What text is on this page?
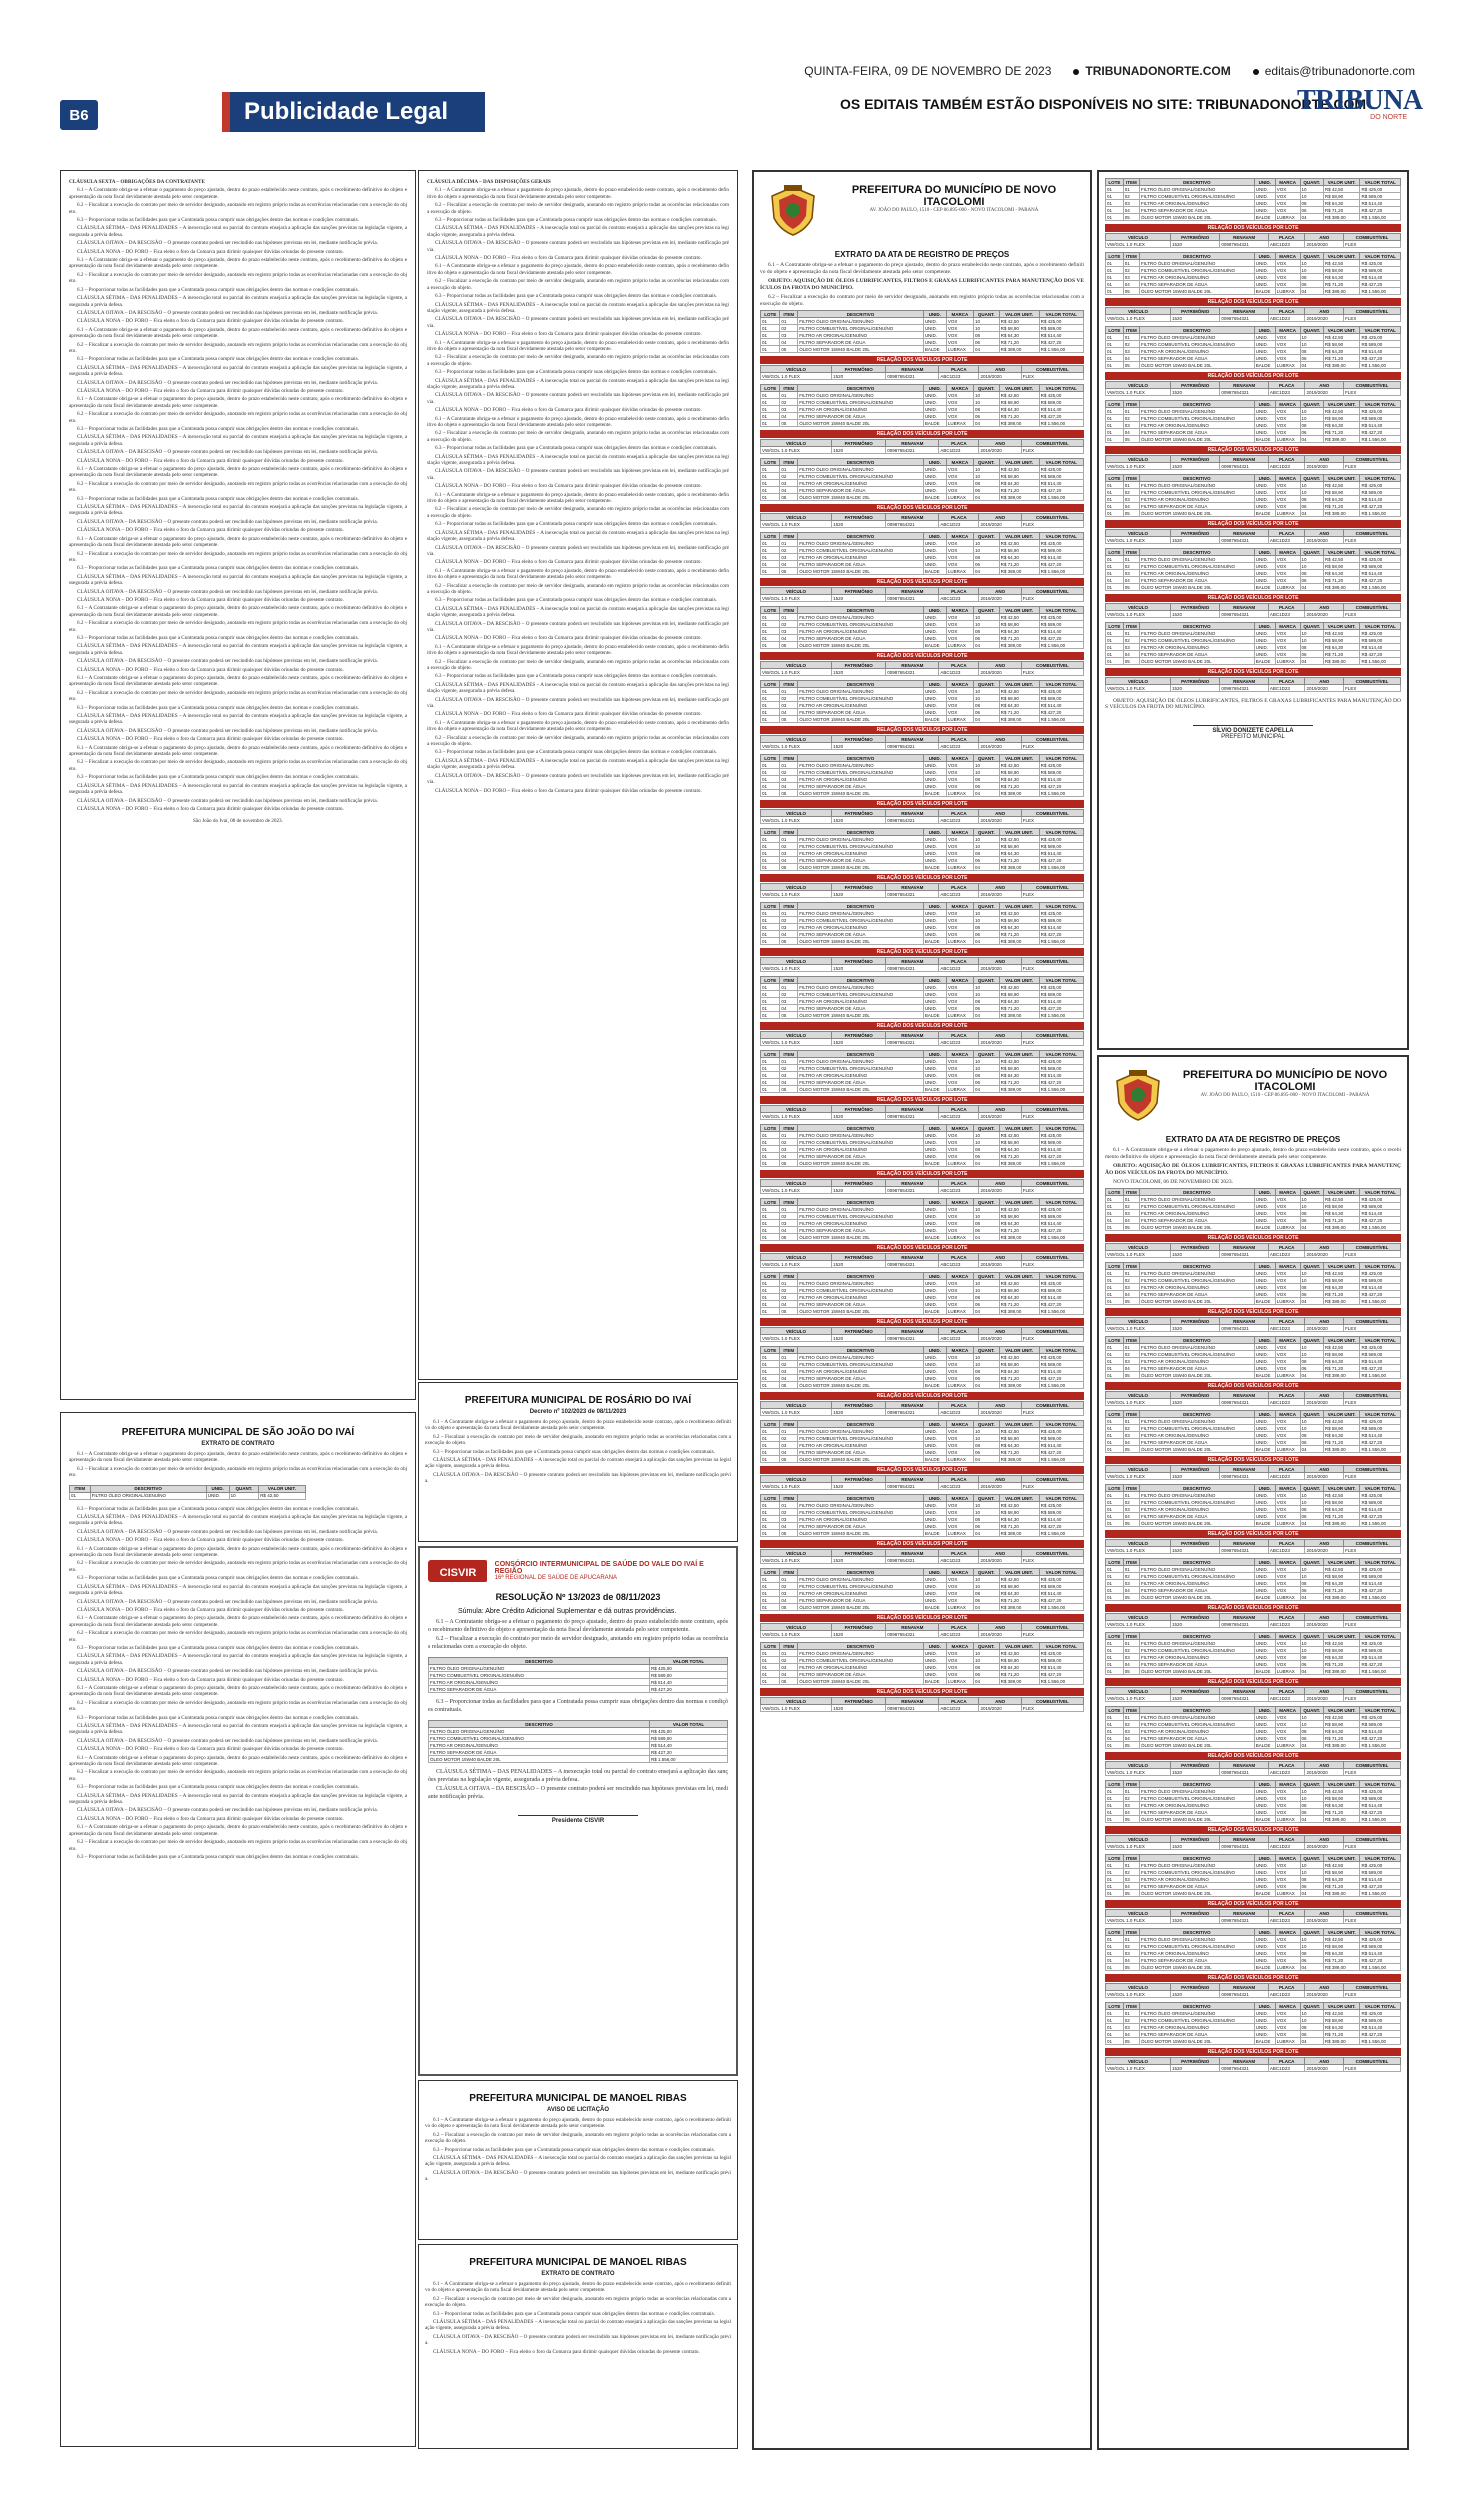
QUINTA-FEIRA, 09 DE NOVEMBRO DE 2023	TRIBUNADONORTE.COM	editais@tribunadonorte.com
B6	Publicidade Legal	OS EDITAIS TAMBÉM ESTÃO DISPONÍVEIS NO SITE: TRIBUNADONORTE.COM
TRIBUNA
DO NORTE

CLÁUSULA SEXTA – OBRIGAÇÕES DA CONTRATANTE

6.1 – A Contratante obriga-se a efetuar o pagamento do preço ajustado, dentro do prazo estabelecido neste contrato, após o recebimento definitivo do objeto e apresentação da nota fiscal devidamente atestada pelo setor competente.

6.2 – Fiscalizar a execução do contrato por meio de servidor designado, anotando em registro próprio todas as ocorrências relacionadas com a execução do objeto.

6.3 – Proporcionar todas as facilidades para que a Contratada possa cumprir suas obrigações dentro das normas e condições contratuais.

CLÁUSULA SÉTIMA – DAS PENALIDADES – A inexecução total ou parcial do contrato ensejará a aplicação das sanções previstas na legislação vigente, assegurada a prévia defesa.

CLÁUSULA OITAVA – DA RESCISÃO – O presente contrato poderá ser rescindido nas hipóteses previstas em lei, mediante notificação prévia.

CLÁUSULA NONA – DO FORO – Fica eleito o foro da Comarca para dirimir quaisquer dúvidas oriundas do presente contrato.

6.1 – A Contratante obriga-se a efetuar o pagamento do preço ajustado, dentro do prazo estabelecido neste contrato, após o recebimento definitivo do objeto e apresentação da nota fiscal devidamente atestada pelo setor competente.

6.2 – Fiscalizar a execução do contrato por meio de servidor designado, anotando em registro próprio todas as ocorrências relacionadas com a execução do objeto.

6.3 – Proporcionar todas as facilidades para que a Contratada possa cumprir suas obrigações dentro das normas e condições contratuais.

CLÁUSULA SÉTIMA – DAS PENALIDADES – A inexecução total ou parcial do contrato ensejará a aplicação das sanções previstas na legislação vigente, assegurada a prévia defesa.

CLÁUSULA OITAVA – DA RESCISÃO – O presente contrato poderá ser rescindido nas hipóteses previstas em lei, mediante notificação prévia.

CLÁUSULA NONA – DO FORO – Fica eleito o foro da Comarca para dirimir quaisquer dúvidas oriundas do presente contrato.

6.1 – A Contratante obriga-se a efetuar o pagamento do preço ajustado, dentro do prazo estabelecido neste contrato, após o recebimento definitivo do objeto e apresentação da nota fiscal devidamente atestada pelo setor competente.

6.2 – Fiscalizar a execução do contrato por meio de servidor designado, anotando em registro próprio todas as ocorrências relacionadas com a execução do objeto.

6.3 – Proporcionar todas as facilidades para que a Contratada possa cumprir suas obrigações dentro das normas e condições contratuais.

CLÁUSULA SÉTIMA – DAS PENALIDADES – A inexecução total ou parcial do contrato ensejará a aplicação das sanções previstas na legislação vigente, assegurada a prévia defesa.

CLÁUSULA OITAVA – DA RESCISÃO – O presente contrato poderá ser rescindido nas hipóteses previstas em lei, mediante notificação prévia.

CLÁUSULA NONA – DO FORO – Fica eleito o foro da Comarca para dirimir quaisquer dúvidas oriundas do presente contrato.

6.1 – A Contratante obriga-se a efetuar o pagamento do preço ajustado, dentro do prazo estabelecido neste contrato, após o recebimento definitivo do objeto e apresentação da nota fiscal devidamente atestada pelo setor competente.

6.2 – Fiscalizar a execução do contrato por meio de servidor designado, anotando em registro próprio todas as ocorrências relacionadas com a execução do objeto.

6.3 – Proporcionar todas as facilidades para que a Contratada possa cumprir suas obrigações dentro das normas e condições contratuais.

CLÁUSULA SÉTIMA – DAS PENALIDADES – A inexecução total ou parcial do contrato ensejará a aplicação das sanções previstas na legislação vigente, assegurada a prévia defesa.

CLÁUSULA OITAVA – DA RESCISÃO – O presente contrato poderá ser rescindido nas hipóteses previstas em lei, mediante notificação prévia.

CLÁUSULA NONA – DO FORO – Fica eleito o foro da Comarca para dirimir quaisquer dúvidas oriundas do presente contrato.

6.1 – A Contratante obriga-se a efetuar o pagamento do preço ajustado, dentro do prazo estabelecido neste contrato, após o recebimento definitivo do objeto e apresentação da nota fiscal devidamente atestada pelo setor competente.

6.2 – Fiscalizar a execução do contrato por meio de servidor designado, anotando em registro próprio todas as ocorrências relacionadas com a execução do objeto.

6.3 – Proporcionar todas as facilidades para que a Contratada possa cumprir suas obrigações dentro das normas e condições contratuais.

CLÁUSULA SÉTIMA – DAS PENALIDADES – A inexecução total ou parcial do contrato ensejará a aplicação das sanções previstas na legislação vigente, assegurada a prévia defesa.

CLÁUSULA OITAVA – DA RESCISÃO – O presente contrato poderá ser rescindido nas hipóteses previstas em lei, mediante notificação prévia.

CLÁUSULA NONA – DO FORO – Fica eleito o foro da Comarca para dirimir quaisquer dúvidas oriundas do presente contrato.

6.1 – A Contratante obriga-se a efetuar o pagamento do preço ajustado, dentro do prazo estabelecido neste contrato, após o recebimento definitivo do objeto e apresentação da nota fiscal devidamente atestada pelo setor competente.

6.2 – Fiscalizar a execução do contrato por meio de servidor designado, anotando em registro próprio todas as ocorrências relacionadas com a execução do objeto.

6.3 – Proporcionar todas as facilidades para que a Contratada possa cumprir suas obrigações dentro das normas e condições contratuais.

CLÁUSULA SÉTIMA – DAS PENALIDADES – A inexecução total ou parcial do contrato ensejará a aplicação das sanções previstas na legislação vigente, assegurada a prévia defesa.

CLÁUSULA OITAVA – DA RESCISÃO – O presente contrato poderá ser rescindido nas hipóteses previstas em lei, mediante notificação prévia.

CLÁUSULA NONA – DO FORO – Fica eleito o foro da Comarca para dirimir quaisquer dúvidas oriundas do presente contrato.

6.1 – A Contratante obriga-se a efetuar o pagamento do preço ajustado, dentro do prazo estabelecido neste contrato, após o recebimento definitivo do objeto e apresentação da nota fiscal devidamente atestada pelo setor competente.

6.2 – Fiscalizar a execução do contrato por meio de servidor designado, anotando em registro próprio todas as ocorrências relacionadas com a execução do objeto.

6.3 – Proporcionar todas as facilidades para que a Contratada possa cumprir suas obrigações dentro das normas e condições contratuais.

CLÁUSULA SÉTIMA – DAS PENALIDADES – A inexecução total ou parcial do contrato ensejará a aplicação das sanções previstas na legislação vigente, assegurada a prévia defesa.

CLÁUSULA OITAVA – DA RESCISÃO – O presente contrato poderá ser rescindido nas hipóteses previstas em lei, mediante notificação prévia.

CLÁUSULA NONA – DO FORO – Fica eleito o foro da Comarca para dirimir quaisquer dúvidas oriundas do presente contrato.

6.1 – A Contratante obriga-se a efetuar o pagamento do preço ajustado, dentro do prazo estabelecido neste contrato, após o recebimento definitivo do objeto e apresentação da nota fiscal devidamente atestada pelo setor competente.

6.2 – Fiscalizar a execução do contrato por meio de servidor designado, anotando em registro próprio todas as ocorrências relacionadas com a execução do objeto.

6.3 – Proporcionar todas as facilidades para que a Contratada possa cumprir suas obrigações dentro das normas e condições contratuais.

CLÁUSULA SÉTIMA – DAS PENALIDADES – A inexecução total ou parcial do contrato ensejará a aplicação das sanções previstas na legislação vigente, assegurada a prévia defesa.

CLÁUSULA OITAVA – DA RESCISÃO – O presente contrato poderá ser rescindido nas hipóteses previstas em lei, mediante notificação prévia.

CLÁUSULA NONA – DO FORO – Fica eleito o foro da Comarca para dirimir quaisquer dúvidas oriundas do presente contrato.

6.1 – A Contratante obriga-se a efetuar o pagamento do preço ajustado, dentro do prazo estabelecido neste contrato, após o recebimento definitivo do objeto e apresentação da nota fiscal devidamente atestada pelo setor competente.

6.2 – Fiscalizar a execução do contrato por meio de servidor designado, anotando em registro próprio todas as ocorrências relacionadas com a execução do objeto.

6.3 – Proporcionar todas as facilidades para que a Contratada possa cumprir suas obrigações dentro das normas e condições contratuais.

CLÁUSULA SÉTIMA – DAS PENALIDADES – A inexecução total ou parcial do contrato ensejará a aplicação das sanções previstas na legislação vigente, assegurada a prévia defesa.

CLÁUSULA OITAVA – DA RESCISÃO – O presente contrato poderá ser rescindido nas hipóteses previstas em lei, mediante notificação prévia.

CLÁUSULA NONA – DO FORO – Fica eleito o foro da Comarca para dirimir quaisquer dúvidas oriundas do presente contrato.

São João do Ivaí, 08 de novembro de 2023.

PREFEITURA MUNICIPAL DE SÃO JOÃO DO IVAÍ
EXTRATO DE CONTRATO

6.1 – A Contratante obriga-se a efetuar o pagamento do preço ajustado, dentro do prazo estabelecido neste contrato, após o recebimento definitivo do objeto e apresentação da nota fiscal devidamente atestada pelo setor competente.

6.2 – Fiscalizar a execução do contrato por meio de servidor designado, anotando em registro próprio todas as ocorrências relacionadas com a execução do objeto.

ITEM	DESCRITIVO	UNID.	QUANT.	VALOR UNIT.
01	FILTRO ÓLEO ORIGINAL/GENUÍNO	UNID.	10	R$ 42,50

6.3 – Proporcionar todas as facilidades para que a Contratada possa cumprir suas obrigações dentro das normas e condições contratuais.

CLÁUSULA SÉTIMA – DAS PENALIDADES – A inexecução total ou parcial do contrato ensejará a aplicação das sanções previstas na legislação vigente, assegurada a prévia defesa.

CLÁUSULA OITAVA – DA RESCISÃO – O presente contrato poderá ser rescindido nas hipóteses previstas em lei, mediante notificação prévia.

CLÁUSULA NONA – DO FORO – Fica eleito o foro da Comarca para dirimir quaisquer dúvidas oriundas do presente contrato.

6.1 – A Contratante obriga-se a efetuar o pagamento do preço ajustado, dentro do prazo estabelecido neste contrato, após o recebimento definitivo do objeto e apresentação da nota fiscal devidamente atestada pelo setor competente.

6.2 – Fiscalizar a execução do contrato por meio de servidor designado, anotando em registro próprio todas as ocorrências relacionadas com a execução do objeto.

6.3 – Proporcionar todas as facilidades para que a Contratada possa cumprir suas obrigações dentro das normas e condições contratuais.

CLÁUSULA SÉTIMA – DAS PENALIDADES – A inexecução total ou parcial do contrato ensejará a aplicação das sanções previstas na legislação vigente, assegurada a prévia defesa.

CLÁUSULA OITAVA – DA RESCISÃO – O presente contrato poderá ser rescindido nas hipóteses previstas em lei, mediante notificação prévia.

CLÁUSULA NONA – DO FORO – Fica eleito o foro da Comarca para dirimir quaisquer dúvidas oriundas do presente contrato.

6.1 – A Contratante obriga-se a efetuar o pagamento do preço ajustado, dentro do prazo estabelecido neste contrato, após o recebimento definitivo do objeto e apresentação da nota fiscal devidamente atestada pelo setor competente.

6.2 – Fiscalizar a execução do contrato por meio de servidor designado, anotando em registro próprio todas as ocorrências relacionadas com a execução do objeto.

6.3 – Proporcionar todas as facilidades para que a Contratada possa cumprir suas obrigações dentro das normas e condições contratuais.

CLÁUSULA SÉTIMA – DAS PENALIDADES – A inexecução total ou parcial do contrato ensejará a aplicação das sanções previstas na legislação vigente, assegurada a prévia defesa.

CLÁUSULA OITAVA – DA RESCISÃO – O presente contrato poderá ser rescindido nas hipóteses previstas em lei, mediante notificação prévia.

CLÁUSULA NONA – DO FORO – Fica eleito o foro da Comarca para dirimir quaisquer dúvidas oriundas do presente contrato.

6.1 – A Contratante obriga-se a efetuar o pagamento do preço ajustado, dentro do prazo estabelecido neste contrato, após o recebimento definitivo do objeto e apresentação da nota fiscal devidamente atestada pelo setor competente.

6.2 – Fiscalizar a execução do contrato por meio de servidor designado, anotando em registro próprio todas as ocorrências relacionadas com a execução do objeto.

6.3 – Proporcionar todas as facilidades para que a Contratada possa cumprir suas obrigações dentro das normas e condições contratuais.

CLÁUSULA SÉTIMA – DAS PENALIDADES – A inexecução total ou parcial do contrato ensejará a aplicação das sanções previstas na legislação vigente, assegurada a prévia defesa.

CLÁUSULA OITAVA – DA RESCISÃO – O presente contrato poderá ser rescindido nas hipóteses previstas em lei, mediante notificação prévia.

CLÁUSULA NONA – DO FORO – Fica eleito o foro da Comarca para dirimir quaisquer dúvidas oriundas do presente contrato.

6.1 – A Contratante obriga-se a efetuar o pagamento do preço ajustado, dentro do prazo estabelecido neste contrato, após o recebimento definitivo do objeto e apresentação da nota fiscal devidamente atestada pelo setor competente.

6.2 – Fiscalizar a execução do contrato por meio de servidor designado, anotando em registro próprio todas as ocorrências relacionadas com a execução do objeto.

6.3 – Proporcionar todas as facilidades para que a Contratada possa cumprir suas obrigações dentro das normas e condições contratuais.

CLÁUSULA SÉTIMA – DAS PENALIDADES – A inexecução total ou parcial do contrato ensejará a aplicação das sanções previstas na legislação vigente, assegurada a prévia defesa.

CLÁUSULA OITAVA – DA RESCISÃO – O presente contrato poderá ser rescindido nas hipóteses previstas em lei, mediante notificação prévia.

CLÁUSULA NONA – DO FORO – Fica eleito o foro da Comarca para dirimir quaisquer dúvidas oriundas do presente contrato.

6.1 – A Contratante obriga-se a efetuar o pagamento do preço ajustado, dentro do prazo estabelecido neste contrato, após o recebimento definitivo do objeto e apresentação da nota fiscal devidamente atestada pelo setor competente.

6.2 – Fiscalizar a execução do contrato por meio de servidor designado, anotando em registro próprio todas as ocorrências relacionadas com a execução do objeto.

6.3 – Proporcionar todas as facilidades para que a Contratada possa cumprir suas obrigações dentro das normas e condições contratuais.

CLÁUSULA DÉCIMA – DAS DISPOSIÇÕES GERAIS

6.1 – A Contratante obriga-se a efetuar o pagamento do preço ajustado, dentro do prazo estabelecido neste contrato, após o recebimento definitivo do objeto e apresentação da nota fiscal devidamente atestada pelo setor competente.

6.2 – Fiscalizar a execução do contrato por meio de servidor designado, anotando em registro próprio todas as ocorrências relacionadas com a execução do objeto.

6.3 – Proporcionar todas as facilidades para que a Contratada possa cumprir suas obrigações dentro das normas e condições contratuais.

CLÁUSULA SÉTIMA – DAS PENALIDADES – A inexecução total ou parcial do contrato ensejará a aplicação das sanções previstas na legislação vigente, assegurada a prévia defesa.

CLÁUSULA OITAVA – DA RESCISÃO – O presente contrato poderá ser rescindido nas hipóteses previstas em lei, mediante notificação prévia.

CLÁUSULA NONA – DO FORO – Fica eleito o foro da Comarca para dirimir quaisquer dúvidas oriundas do presente contrato.

6.1 – A Contratante obriga-se a efetuar o pagamento do preço ajustado, dentro do prazo estabelecido neste contrato, após o recebimento definitivo do objeto e apresentação da nota fiscal devidamente atestada pelo setor competente.

6.2 – Fiscalizar a execução do contrato por meio de servidor designado, anotando em registro próprio todas as ocorrências relacionadas com a execução do objeto.

6.3 – Proporcionar todas as facilidades para que a Contratada possa cumprir suas obrigações dentro das normas e condições contratuais.

CLÁUSULA SÉTIMA – DAS PENALIDADES – A inexecução total ou parcial do contrato ensejará a aplicação das sanções previstas na legislação vigente, assegurada a prévia defesa.

CLÁUSULA OITAVA – DA RESCISÃO – O presente contrato poderá ser rescindido nas hipóteses previstas em lei, mediante notificação prévia.

CLÁUSULA NONA – DO FORO – Fica eleito o foro da Comarca para dirimir quaisquer dúvidas oriundas do presente contrato.

6.1 – A Contratante obriga-se a efetuar o pagamento do preço ajustado, dentro do prazo estabelecido neste contrato, após o recebimento definitivo do objeto e apresentação da nota fiscal devidamente atestada pelo setor competente.

6.2 – Fiscalizar a execução do contrato por meio de servidor designado, anotando em registro próprio todas as ocorrências relacionadas com a execução do objeto.

6.3 – Proporcionar todas as facilidades para que a Contratada possa cumprir suas obrigações dentro das normas e condições contratuais.

CLÁUSULA SÉTIMA – DAS PENALIDADES – A inexecução total ou parcial do contrato ensejará a aplicação das sanções previstas na legislação vigente, assegurada a prévia defesa.

CLÁUSULA OITAVA – DA RESCISÃO – O presente contrato poderá ser rescindido nas hipóteses previstas em lei, mediante notificação prévia.

CLÁUSULA NONA – DO FORO – Fica eleito o foro da Comarca para dirimir quaisquer dúvidas oriundas do presente contrato.

6.1 – A Contratante obriga-se a efetuar o pagamento do preço ajustado, dentro do prazo estabelecido neste contrato, após o recebimento definitivo do objeto e apresentação da nota fiscal devidamente atestada pelo setor competente.

6.2 – Fiscalizar a execução do contrato por meio de servidor designado, anotando em registro próprio todas as ocorrências relacionadas com a execução do objeto.

6.3 – Proporcionar todas as facilidades para que a Contratada possa cumprir suas obrigações dentro das normas e condições contratuais.

CLÁUSULA SÉTIMA – DAS PENALIDADES – A inexecução total ou parcial do contrato ensejará a aplicação das sanções previstas na legislação vigente, assegurada a prévia defesa.

CLÁUSULA OITAVA – DA RESCISÃO – O presente contrato poderá ser rescindido nas hipóteses previstas em lei, mediante notificação prévia.

CLÁUSULA NONA – DO FORO – Fica eleito o foro da Comarca para dirimir quaisquer dúvidas oriundas do presente contrato.

6.1 – A Contratante obriga-se a efetuar o pagamento do preço ajustado, dentro do prazo estabelecido neste contrato, após o recebimento definitivo do objeto e apresentação da nota fiscal devidamente atestada pelo setor competente.

6.2 – Fiscalizar a execução do contrato por meio de servidor designado, anotando em registro próprio todas as ocorrências relacionadas com a execução do objeto.

6.3 – Proporcionar todas as facilidades para que a Contratada possa cumprir suas obrigações dentro das normas e condições contratuais.

CLÁUSULA SÉTIMA – DAS PENALIDADES – A inexecução total ou parcial do contrato ensejará a aplicação das sanções previstas na legislação vigente, assegurada a prévia defesa.

CLÁUSULA OITAVA – DA RESCISÃO – O presente contrato poderá ser rescindido nas hipóteses previstas em lei, mediante notificação prévia.

CLÁUSULA NONA – DO FORO – Fica eleito o foro da Comarca para dirimir quaisquer dúvidas oriundas do presente contrato.

6.1 – A Contratante obriga-se a efetuar o pagamento do preço ajustado, dentro do prazo estabelecido neste contrato, após o recebimento definitivo do objeto e apresentação da nota fiscal devidamente atestada pelo setor competente.

6.2 – Fiscalizar a execução do contrato por meio de servidor designado, anotando em registro próprio todas as ocorrências relacionadas com a execução do objeto.

6.3 – Proporcionar todas as facilidades para que a Contratada possa cumprir suas obrigações dentro das normas e condições contratuais.

CLÁUSULA SÉTIMA – DAS PENALIDADES – A inexecução total ou parcial do contrato ensejará a aplicação das sanções previstas na legislação vigente, assegurada a prévia defesa.

CLÁUSULA OITAVA – DA RESCISÃO – O presente contrato poderá ser rescindido nas hipóteses previstas em lei, mediante notificação prévia.

CLÁUSULA NONA – DO FORO – Fica eleito o foro da Comarca para dirimir quaisquer dúvidas oriundas do presente contrato.

6.1 – A Contratante obriga-se a efetuar o pagamento do preço ajustado, dentro do prazo estabelecido neste contrato, após o recebimento definitivo do objeto e apresentação da nota fiscal devidamente atestada pelo setor competente.

6.2 – Fiscalizar a execução do contrato por meio de servidor designado, anotando em registro próprio todas as ocorrências relacionadas com a execução do objeto.

6.3 – Proporcionar todas as facilidades para que a Contratada possa cumprir suas obrigações dentro das normas e condições contratuais.

CLÁUSULA SÉTIMA – DAS PENALIDADES – A inexecução total ou parcial do contrato ensejará a aplicação das sanções previstas na legislação vigente, assegurada a prévia defesa.

CLÁUSULA OITAVA – DA RESCISÃO – O presente contrato poderá ser rescindido nas hipóteses previstas em lei, mediante notificação prévia.

CLÁUSULA NONA – DO FORO – Fica eleito o foro da Comarca para dirimir quaisquer dúvidas oriundas do presente contrato.

6.1 – A Contratante obriga-se a efetuar o pagamento do preço ajustado, dentro do prazo estabelecido neste contrato, após o recebimento definitivo do objeto e apresentação da nota fiscal devidamente atestada pelo setor competente.

6.2 – Fiscalizar a execução do contrato por meio de servidor designado, anotando em registro próprio todas as ocorrências relacionadas com a execução do objeto.

6.3 – Proporcionar todas as facilidades para que a Contratada possa cumprir suas obrigações dentro das normas e condições contratuais.

CLÁUSULA SÉTIMA – DAS PENALIDADES – A inexecução total ou parcial do contrato ensejará a aplicação das sanções previstas na legislação vigente, assegurada a prévia defesa.

CLÁUSULA OITAVA – DA RESCISÃO – O presente contrato poderá ser rescindido nas hipóteses previstas em lei, mediante notificação prévia.

CLÁUSULA NONA – DO FORO – Fica eleito o foro da Comarca para dirimir quaisquer dúvidas oriundas do presente contrato.

PREFEITURA MUNICIPAL DE ROSÁRIO DO IVAÍ
Decreto nº 102/2023 de 08/11/2023

6.1 – A Contratante obriga-se a efetuar o pagamento do preço ajustado, dentro do prazo estabelecido neste contrato, após o recebimento definitivo do objeto e apresentação da nota fiscal devidamente atestada pelo setor competente.

6.2 – Fiscalizar a execução do contrato por meio de servidor designado, anotando em registro próprio todas as ocorrências relacionadas com a execução do objeto.

6.3 – Proporcionar todas as facilidades para que a Contratada possa cumprir suas obrigações dentro das normas e condições contratuais.

CLÁUSULA SÉTIMA – DAS PENALIDADES – A inexecução total ou parcial do contrato ensejará a aplicação das sanções previstas na legislação vigente, assegurada a prévia defesa.

CLÁUSULA OITAVA – DA RESCISÃO – O presente contrato poderá ser rescindido nas hipóteses previstas em lei, mediante notificação prévia.

CISVIR
CONSÓRCIO INTERMUNICIPAL DE SAÚDE DO VALE DO IVAÍ E REGIÃO
16ª REGIONAL DE SAÚDE DE APUCARANA
RESOLUÇÃO Nº 13/2023 de 08/11/2023
Súmula: Abre Crédito Adicional Suplementar e dá outras providências.

6.1 – A Contratante obriga-se a efetuar o pagamento do preço ajustado, dentro do prazo estabelecido neste contrato, após o recebimento definitivo do objeto e apresentação da nota fiscal devidamente atestada pelo setor competente.

6.2 – Fiscalizar a execução do contrato por meio de servidor designado, anotando em registro próprio todas as ocorrências relacionadas com a execução do objeto.

DESCRITIVO	VALOR TOTAL
FILTRO ÓLEO ORIGINAL/GENUÍNO	R$ 425,00
FILTRO COMBUSTÍVEL ORIGINAL/GENUÍNO	R$ 589,00
FILTRO AR ORIGINAL/GENUÍNO	R$ 514,40
FILTRO SEPARADOR DE ÁGUA	R$ 427,20

6.3 – Proporcionar todas as facilidades para que a Contratada possa cumprir suas obrigações dentro das normas e condições contratuais.

DESCRITIVO	VALOR TOTAL
FILTRO ÓLEO ORIGINAL/GENUÍNO	R$ 425,00
FILTRO COMBUSTÍVEL ORIGINAL/GENUÍNO	R$ 589,00
FILTRO AR ORIGINAL/GENUÍNO	R$ 514,40
FILTRO SEPARADOR DE ÁGUA	R$ 427,20
ÓLEO MOTOR 15W40 BALDE 20L	R$ 1.556,00

CLÁUSULA SÉTIMA – DAS PENALIDADES – A inexecução total ou parcial do contrato ensejará a aplicação das sanções previstas na legislação vigente, assegurada a prévia defesa.

CLÁUSULA OITAVA – DA RESCISÃO – O presente contrato poderá ser rescindido nas hipóteses previstas em lei, mediante notificação prévia.

Presidente CISVIR
PREFEITURA MUNICIPAL DE MANOEL RIBAS
AVISO DE LICITAÇÃO

6.1 – A Contratante obriga-se a efetuar o pagamento do preço ajustado, dentro do prazo estabelecido neste contrato, após o recebimento definitivo do objeto e apresentação da nota fiscal devidamente atestada pelo setor competente.

6.2 – Fiscalizar a execução do contrato por meio de servidor designado, anotando em registro próprio todas as ocorrências relacionadas com a execução do objeto.

6.3 – Proporcionar todas as facilidades para que a Contratada possa cumprir suas obrigações dentro das normas e condições contratuais.

CLÁUSULA SÉTIMA – DAS PENALIDADES – A inexecução total ou parcial do contrato ensejará a aplicação das sanções previstas na legislação vigente, assegurada a prévia defesa.

CLÁUSULA OITAVA – DA RESCISÃO – O presente contrato poderá ser rescindido nas hipóteses previstas em lei, mediante notificação prévia.

PREFEITURA MUNICIPAL DE MANOEL RIBAS
EXTRATO DE CONTRATO

6.1 – A Contratante obriga-se a efetuar o pagamento do preço ajustado, dentro do prazo estabelecido neste contrato, após o recebimento definitivo do objeto e apresentação da nota fiscal devidamente atestada pelo setor competente.

6.2 – Fiscalizar a execução do contrato por meio de servidor designado, anotando em registro próprio todas as ocorrências relacionadas com a execução do objeto.

6.3 – Proporcionar todas as facilidades para que a Contratada possa cumprir suas obrigações dentro das normas e condições contratuais.

CLÁUSULA SÉTIMA – DAS PENALIDADES – A inexecução total ou parcial do contrato ensejará a aplicação das sanções previstas na legislação vigente, assegurada a prévia defesa.

CLÁUSULA OITAVA – DA RESCISÃO – O presente contrato poderá ser rescindido nas hipóteses previstas em lei, mediante notificação prévia.

CLÁUSULA NONA – DO FORO – Fica eleito o foro da Comarca para dirimir quaisquer dúvidas oriundas do presente contrato.

PREFEITURA DO MUNICÍPIO DE NOVO ITACOLOMI
AV. JOÃO DO PAULO, 1510 - CEP 86.895-000 - NOVO ITACOLOMI - PARANÁ
EXTRATO DA ATA DE REGISTRO DE PREÇOS

6.1 – A Contratante obriga-se a efetuar o pagamento do preço ajustado, dentro do prazo estabelecido neste contrato, após o recebimento definitivo do objeto e apresentação da nota fiscal devidamente atestada pelo setor competente.

OBJETO: AQUISIÇÃO DE ÓLEOS LUBRIFICANTES, FILTROS E GRAXAS LUBRIFICANTES PARA MANUTENÇÃO DOS VEÍCULOS DA FROTA DO MUNICÍPIO.

6.2 – Fiscalizar a execução do contrato por meio de servidor designado, anotando em registro próprio todas as ocorrências relacionadas com a execução do objeto.

LOTE	ITEM	DESCRITIVO	UNID.	MARCA	QUANT.	VALOR UNIT.	VALOR TOTAL
01	01	FILTRO ÓLEO ORIGINAL/GENUÍNO	UNID.	VOX	10	R$ 42,50	R$ 425,00
01	02	FILTRO COMBUSTÍVEL ORIGINAL/GENUÍNO	UNID.	VOX	10	R$ 58,90	R$ 589,00
01	03	FILTRO AR ORIGINAL/GENUÍNO	UNID.	VOX	08	R$ 64,30	R$ 514,40
01	04	FILTRO SEPARADOR DE ÁGUA	UNID.	VOX	06	R$ 71,20	R$ 427,20
01	05	ÓLEO MOTOR 15W40 BALDE 20L	BALDE	LUBRAX	04	R$ 389,00	R$ 1.556,00
RELAÇÃO DOS VEÍCULOS POR LOTE
VEÍCULO	PATRIMÔNIO	RENAVAM	PLACA	ANO	COMBUSTÍVEL
VW/GOL 1.0 FLEX	1520	00987654321	ABC1D23	2019/2020	FLEX
LOTE	ITEM	DESCRITIVO	UNID.	MARCA	QUANT.	VALOR UNIT.	VALOR TOTAL
01	01	FILTRO ÓLEO ORIGINAL/GENUÍNO	UNID.	VOX	10	R$ 42,50	R$ 425,00
01	02	FILTRO COMBUSTÍVEL ORIGINAL/GENUÍNO	UNID.	VOX	10	R$ 58,90	R$ 589,00
01	03	FILTRO AR ORIGINAL/GENUÍNO	UNID.	VOX	08	R$ 64,30	R$ 514,40
01	04	FILTRO SEPARADOR DE ÁGUA	UNID.	VOX	06	R$ 71,20	R$ 427,20
01	05	ÓLEO MOTOR 15W40 BALDE 20L	BALDE	LUBRAX	04	R$ 389,00	R$ 1.556,00
RELAÇÃO DOS VEÍCULOS POR LOTE
VEÍCULO	PATRIMÔNIO	RENAVAM	PLACA	ANO	COMBUSTÍVEL
VW/GOL 1.0 FLEX	1520	00987654321	ABC1D23	2019/2020	FLEX
LOTE	ITEM	DESCRITIVO	UNID.	MARCA	QUANT.	VALOR UNIT.	VALOR TOTAL
01	01	FILTRO ÓLEO ORIGINAL/GENUÍNO	UNID.	VOX	10	R$ 42,50	R$ 425,00
01	02	FILTRO COMBUSTÍVEL ORIGINAL/GENUÍNO	UNID.	VOX	10	R$ 58,90	R$ 589,00
01	03	FILTRO AR ORIGINAL/GENUÍNO	UNID.	VOX	08	R$ 64,30	R$ 514,40
01	04	FILTRO SEPARADOR DE ÁGUA	UNID.	VOX	06	R$ 71,20	R$ 427,20
01	05	ÓLEO MOTOR 15W40 BALDE 20L	BALDE	LUBRAX	04	R$ 389,00	R$ 1.556,00
RELAÇÃO DOS VEÍCULOS POR LOTE
VEÍCULO	PATRIMÔNIO	RENAVAM	PLACA	ANO	COMBUSTÍVEL
VW/GOL 1.0 FLEX	1520	00987654321	ABC1D23	2019/2020	FLEX
LOTE	ITEM	DESCRITIVO	UNID.	MARCA	QUANT.	VALOR UNIT.	VALOR TOTAL
01	01	FILTRO ÓLEO ORIGINAL/GENUÍNO	UNID.	VOX	10	R$ 42,50	R$ 425,00
01	02	FILTRO COMBUSTÍVEL ORIGINAL/GENUÍNO	UNID.	VOX	10	R$ 58,90	R$ 589,00
01	03	FILTRO AR ORIGINAL/GENUÍNO	UNID.	VOX	08	R$ 64,30	R$ 514,40
01	04	FILTRO SEPARADOR DE ÁGUA	UNID.	VOX	06	R$ 71,20	R$ 427,20
01	05	ÓLEO MOTOR 15W40 BALDE 20L	BALDE	LUBRAX	04	R$ 389,00	R$ 1.556,00
RELAÇÃO DOS VEÍCULOS POR LOTE
VEÍCULO	PATRIMÔNIO	RENAVAM	PLACA	ANO	COMBUSTÍVEL
VW/GOL 1.0 FLEX	1520	00987654321	ABC1D23	2019/2020	FLEX
LOTE	ITEM	DESCRITIVO	UNID.	MARCA	QUANT.	VALOR UNIT.	VALOR TOTAL
01	01	FILTRO ÓLEO ORIGINAL/GENUÍNO	UNID.	VOX	10	R$ 42,50	R$ 425,00
01	02	FILTRO COMBUSTÍVEL ORIGINAL/GENUÍNO	UNID.	VOX	10	R$ 58,90	R$ 589,00
01	03	FILTRO AR ORIGINAL/GENUÍNO	UNID.	VOX	08	R$ 64,30	R$ 514,40
01	04	FILTRO SEPARADOR DE ÁGUA	UNID.	VOX	06	R$ 71,20	R$ 427,20
01	05	ÓLEO MOTOR 15W40 BALDE 20L	BALDE	LUBRAX	04	R$ 389,00	R$ 1.556,00
RELAÇÃO DOS VEÍCULOS POR LOTE
VEÍCULO	PATRIMÔNIO	RENAVAM	PLACA	ANO	COMBUSTÍVEL
VW/GOL 1.0 FLEX	1520	00987654321	ABC1D23	2019/2020	FLEX
LOTE	ITEM	DESCRITIVO	UNID.	MARCA	QUANT.	VALOR UNIT.	VALOR TOTAL
01	01	FILTRO ÓLEO ORIGINAL/GENUÍNO	UNID.	VOX	10	R$ 42,50	R$ 425,00
01	02	FILTRO COMBUSTÍVEL ORIGINAL/GENUÍNO	UNID.	VOX	10	R$ 58,90	R$ 589,00
01	03	FILTRO AR ORIGINAL/GENUÍNO	UNID.	VOX	08	R$ 64,30	R$ 514,40
01	04	FILTRO SEPARADOR DE ÁGUA	UNID.	VOX	06	R$ 71,20	R$ 427,20
01	05	ÓLEO MOTOR 15W40 BALDE 20L	BALDE	LUBRAX	04	R$ 389,00	R$ 1.556,00
RELAÇÃO DOS VEÍCULOS POR LOTE
VEÍCULO	PATRIMÔNIO	RENAVAM	PLACA	ANO	COMBUSTÍVEL
VW/GOL 1.0 FLEX	1520	00987654321	ABC1D23	2019/2020	FLEX
LOTE	ITEM	DESCRITIVO	UNID.	MARCA	QUANT.	VALOR UNIT.	VALOR TOTAL
01	01	FILTRO ÓLEO ORIGINAL/GENUÍNO	UNID.	VOX	10	R$ 42,50	R$ 425,00
01	02	FILTRO COMBUSTÍVEL ORIGINAL/GENUÍNO	UNID.	VOX	10	R$ 58,90	R$ 589,00
01	03	FILTRO AR ORIGINAL/GENUÍNO	UNID.	VOX	08	R$ 64,30	R$ 514,40
01	04	FILTRO SEPARADOR DE ÁGUA	UNID.	VOX	06	R$ 71,20	R$ 427,20
01	05	ÓLEO MOTOR 15W40 BALDE 20L	BALDE	LUBRAX	04	R$ 389,00	R$ 1.556,00
RELAÇÃO DOS VEÍCULOS POR LOTE
VEÍCULO	PATRIMÔNIO	RENAVAM	PLACA	ANO	COMBUSTÍVEL
VW/GOL 1.0 FLEX	1520	00987654321	ABC1D23	2019/2020	FLEX
LOTE	ITEM	DESCRITIVO	UNID.	MARCA	QUANT.	VALOR UNIT.	VALOR TOTAL
01	01	FILTRO ÓLEO ORIGINAL/GENUÍNO	UNID.	VOX	10	R$ 42,50	R$ 425,00
01	02	FILTRO COMBUSTÍVEL ORIGINAL/GENUÍNO	UNID.	VOX	10	R$ 58,90	R$ 589,00
01	03	FILTRO AR ORIGINAL/GENUÍNO	UNID.	VOX	08	R$ 64,30	R$ 514,40
01	04	FILTRO SEPARADOR DE ÁGUA	UNID.	VOX	06	R$ 71,20	R$ 427,20
01	05	ÓLEO MOTOR 15W40 BALDE 20L	BALDE	LUBRAX	04	R$ 389,00	R$ 1.556,00
RELAÇÃO DOS VEÍCULOS POR LOTE
VEÍCULO	PATRIMÔNIO	RENAVAM	PLACA	ANO	COMBUSTÍVEL
VW/GOL 1.0 FLEX	1520	00987654321	ABC1D23	2019/2020	FLEX
LOTE	ITEM	DESCRITIVO	UNID.	MARCA	QUANT.	VALOR UNIT.	VALOR TOTAL
01	01	FILTRO ÓLEO ORIGINAL/GENUÍNO	UNID.	VOX	10	R$ 42,50	R$ 425,00
01	02	FILTRO COMBUSTÍVEL ORIGINAL/GENUÍNO	UNID.	VOX	10	R$ 58,90	R$ 589,00
01	03	FILTRO AR ORIGINAL/GENUÍNO	UNID.	VOX	08	R$ 64,30	R$ 514,40
01	04	FILTRO SEPARADOR DE ÁGUA	UNID.	VOX	06	R$ 71,20	R$ 427,20
01	05	ÓLEO MOTOR 15W40 BALDE 20L	BALDE	LUBRAX	04	R$ 389,00	R$ 1.556,00
RELAÇÃO DOS VEÍCULOS POR LOTE
VEÍCULO	PATRIMÔNIO	RENAVAM	PLACA	ANO	COMBUSTÍVEL
VW/GOL 1.0 FLEX	1520	00987654321	ABC1D23	2019/2020	FLEX
LOTE	ITEM	DESCRITIVO	UNID.	MARCA	QUANT.	VALOR UNIT.	VALOR TOTAL
01	01	FILTRO ÓLEO ORIGINAL/GENUÍNO	UNID.	VOX	10	R$ 42,50	R$ 425,00
01	02	FILTRO COMBUSTÍVEL ORIGINAL/GENUÍNO	UNID.	VOX	10	R$ 58,90	R$ 589,00
01	03	FILTRO AR ORIGINAL/GENUÍNO	UNID.	VOX	08	R$ 64,30	R$ 514,40
01	04	FILTRO SEPARADOR DE ÁGUA	UNID.	VOX	06	R$ 71,20	R$ 427,20
01	05	ÓLEO MOTOR 15W40 BALDE 20L	BALDE	LUBRAX	04	R$ 389,00	R$ 1.556,00
RELAÇÃO DOS VEÍCULOS POR LOTE
VEÍCULO	PATRIMÔNIO	RENAVAM	PLACA	ANO	COMBUSTÍVEL
VW/GOL 1.0 FLEX	1520	00987654321	ABC1D23	2019/2020	FLEX
LOTE	ITEM	DESCRITIVO	UNID.	MARCA	QUANT.	VALOR UNIT.	VALOR TOTAL
01	01	FILTRO ÓLEO ORIGINAL/GENUÍNO	UNID.	VOX	10	R$ 42,50	R$ 425,00
01	02	FILTRO COMBUSTÍVEL ORIGINAL/GENUÍNO	UNID.	VOX	10	R$ 58,90	R$ 589,00
01	03	FILTRO AR ORIGINAL/GENUÍNO	UNID.	VOX	08	R$ 64,30	R$ 514,40
01	04	FILTRO SEPARADOR DE ÁGUA	UNID.	VOX	06	R$ 71,20	R$ 427,20
01	05	ÓLEO MOTOR 15W40 BALDE 20L	BALDE	LUBRAX	04	R$ 389,00	R$ 1.556,00
RELAÇÃO DOS VEÍCULOS POR LOTE
VEÍCULO	PATRIMÔNIO	RENAVAM	PLACA	ANO	COMBUSTÍVEL
VW/GOL 1.0 FLEX	1520	00987654321	ABC1D23	2019/2020	FLEX
LOTE	ITEM	DESCRITIVO	UNID.	MARCA	QUANT.	VALOR UNIT.	VALOR TOTAL
01	01	FILTRO ÓLEO ORIGINAL/GENUÍNO	UNID.	VOX	10	R$ 42,50	R$ 425,00
01	02	FILTRO COMBUSTÍVEL ORIGINAL/GENUÍNO	UNID.	VOX	10	R$ 58,90	R$ 589,00
01	03	FILTRO AR ORIGINAL/GENUÍNO	UNID.	VOX	08	R$ 64,30	R$ 514,40
01	04	FILTRO SEPARADOR DE ÁGUA	UNID.	VOX	06	R$ 71,20	R$ 427,20
01	05	ÓLEO MOTOR 15W40 BALDE 20L	BALDE	LUBRAX	04	R$ 389,00	R$ 1.556,00
RELAÇÃO DOS VEÍCULOS POR LOTE
VEÍCULO	PATRIMÔNIO	RENAVAM	PLACA	ANO	COMBUSTÍVEL
VW/GOL 1.0 FLEX	1520	00987654321	ABC1D23	2019/2020	FLEX
LOTE	ITEM	DESCRITIVO	UNID.	MARCA	QUANT.	VALOR UNIT.	VALOR TOTAL
01	01	FILTRO ÓLEO ORIGINAL/GENUÍNO	UNID.	VOX	10	R$ 42,50	R$ 425,00
01	02	FILTRO COMBUSTÍVEL ORIGINAL/GENUÍNO	UNID.	VOX	10	R$ 58,90	R$ 589,00
01	03	FILTRO AR ORIGINAL/GENUÍNO	UNID.	VOX	08	R$ 64,30	R$ 514,40
01	04	FILTRO SEPARADOR DE ÁGUA	UNID.	VOX	06	R$ 71,20	R$ 427,20
01	05	ÓLEO MOTOR 15W40 BALDE 20L	BALDE	LUBRAX	04	R$ 389,00	R$ 1.556,00
RELAÇÃO DOS VEÍCULOS POR LOTE
VEÍCULO	PATRIMÔNIO	RENAVAM	PLACA	ANO	COMBUSTÍVEL
VW/GOL 1.0 FLEX	1520	00987654321	ABC1D23	2019/2020	FLEX
LOTE	ITEM	DESCRITIVO	UNID.	MARCA	QUANT.	VALOR UNIT.	VALOR TOTAL
01	01	FILTRO ÓLEO ORIGINAL/GENUÍNO	UNID.	VOX	10	R$ 42,50	R$ 425,00
01	02	FILTRO COMBUSTÍVEL ORIGINAL/GENUÍNO	UNID.	VOX	10	R$ 58,90	R$ 589,00
01	03	FILTRO AR ORIGINAL/GENUÍNO	UNID.	VOX	08	R$ 64,30	R$ 514,40
01	04	FILTRO SEPARADOR DE ÁGUA	UNID.	VOX	06	R$ 71,20	R$ 427,20
01	05	ÓLEO MOTOR 15W40 BALDE 20L	BALDE	LUBRAX	04	R$ 389,00	R$ 1.556,00
RELAÇÃO DOS VEÍCULOS POR LOTE
VEÍCULO	PATRIMÔNIO	RENAVAM	PLACA	ANO	COMBUSTÍVEL
VW/GOL 1.0 FLEX	1520	00987654321	ABC1D23	2019/2020	FLEX
LOTE	ITEM	DESCRITIVO	UNID.	MARCA	QUANT.	VALOR UNIT.	VALOR TOTAL
01	01	FILTRO ÓLEO ORIGINAL/GENUÍNO	UNID.	VOX	10	R$ 42,50	R$ 425,00
01	02	FILTRO COMBUSTÍVEL ORIGINAL/GENUÍNO	UNID.	VOX	10	R$ 58,90	R$ 589,00
01	03	FILTRO AR ORIGINAL/GENUÍNO	UNID.	VOX	08	R$ 64,30	R$ 514,40
01	04	FILTRO SEPARADOR DE ÁGUA	UNID.	VOX	06	R$ 71,20	R$ 427,20
01	05	ÓLEO MOTOR 15W40 BALDE 20L	BALDE	LUBRAX	04	R$ 389,00	R$ 1.556,00
RELAÇÃO DOS VEÍCULOS POR LOTE
VEÍCULO	PATRIMÔNIO	RENAVAM	PLACA	ANO	COMBUSTÍVEL
VW/GOL 1.0 FLEX	1520	00987654321	ABC1D23	2019/2020	FLEX
LOTE	ITEM	DESCRITIVO	UNID.	MARCA	QUANT.	VALOR UNIT.	VALOR TOTAL
01	01	FILTRO ÓLEO ORIGINAL/GENUÍNO	UNID.	VOX	10	R$ 42,50	R$ 425,00
01	02	FILTRO COMBUSTÍVEL ORIGINAL/GENUÍNO	UNID.	VOX	10	R$ 58,90	R$ 589,00
01	03	FILTRO AR ORIGINAL/GENUÍNO	UNID.	VOX	08	R$ 64,30	R$ 514,40
01	04	FILTRO SEPARADOR DE ÁGUA	UNID.	VOX	06	R$ 71,20	R$ 427,20
01	05	ÓLEO MOTOR 15W40 BALDE 20L	BALDE	LUBRAX	04	R$ 389,00	R$ 1.556,00
RELAÇÃO DOS VEÍCULOS POR LOTE
VEÍCULO	PATRIMÔNIO	RENAVAM	PLACA	ANO	COMBUSTÍVEL
VW/GOL 1.0 FLEX	1520	00987654321	ABC1D23	2019/2020	FLEX
LOTE	ITEM	DESCRITIVO	UNID.	MARCA	QUANT.	VALOR UNIT.	VALOR TOTAL
01	01	FILTRO ÓLEO ORIGINAL/GENUÍNO	UNID.	VOX	10	R$ 42,50	R$ 425,00
01	02	FILTRO COMBUSTÍVEL ORIGINAL/GENUÍNO	UNID.	VOX	10	R$ 58,90	R$ 589,00
01	03	FILTRO AR ORIGINAL/GENUÍNO	UNID.	VOX	08	R$ 64,30	R$ 514,40
01	04	FILTRO SEPARADOR DE ÁGUA	UNID.	VOX	06	R$ 71,20	R$ 427,20
01	05	ÓLEO MOTOR 15W40 BALDE 20L	BALDE	LUBRAX	04	R$ 389,00	R$ 1.556,00
RELAÇÃO DOS VEÍCULOS POR LOTE
VEÍCULO	PATRIMÔNIO	RENAVAM	PLACA	ANO	COMBUSTÍVEL
VW/GOL 1.0 FLEX	1520	00987654321	ABC1D23	2019/2020	FLEX
LOTE	ITEM	DESCRITIVO	UNID.	MARCA	QUANT.	VALOR UNIT.	VALOR TOTAL
01	01	FILTRO ÓLEO ORIGINAL/GENUÍNO	UNID.	VOX	10	R$ 42,50	R$ 425,00
01	02	FILTRO COMBUSTÍVEL ORIGINAL/GENUÍNO	UNID.	VOX	10	R$ 58,90	R$ 589,00
01	03	FILTRO AR ORIGINAL/GENUÍNO	UNID.	VOX	08	R$ 64,30	R$ 514,40
01	04	FILTRO SEPARADOR DE ÁGUA	UNID.	VOX	06	R$ 71,20	R$ 427,20
01	05	ÓLEO MOTOR 15W40 BALDE 20L	BALDE	LUBRAX	04	R$ 389,00	R$ 1.556,00
RELAÇÃO DOS VEÍCULOS POR LOTE
VEÍCULO	PATRIMÔNIO	RENAVAM	PLACA	ANO	COMBUSTÍVEL
VW/GOL 1.0 FLEX	1520	00987654321	ABC1D23	2019/2020	FLEX
LOTE	ITEM	DESCRITIVO	UNID.	MARCA	QUANT.	VALOR UNIT.	VALOR TOTAL
01	01	FILTRO ÓLEO ORIGINAL/GENUÍNO	UNID.	VOX	10	R$ 42,50	R$ 425,00
01	02	FILTRO COMBUSTÍVEL ORIGINAL/GENUÍNO	UNID.	VOX	10	R$ 58,90	R$ 589,00
01	03	FILTRO AR ORIGINAL/GENUÍNO	UNID.	VOX	08	R$ 64,30	R$ 514,40
01	04	FILTRO SEPARADOR DE ÁGUA	UNID.	VOX	06	R$ 71,20	R$ 427,20
01	05	ÓLEO MOTOR 15W40 BALDE 20L	BALDE	LUBRAX	04	R$ 389,00	R$ 1.556,00
RELAÇÃO DOS VEÍCULOS POR LOTE
VEÍCULO	PATRIMÔNIO	RENAVAM	PLACA	ANO	COMBUSTÍVEL
VW/GOL 1.0 FLEX	1520	00987654321	ABC1D23	2019/2020	FLEX
LOTE	ITEM	DESCRITIVO	UNID.	MARCA	QUANT.	VALOR UNIT.	VALOR TOTAL
01	01	FILTRO ÓLEO ORIGINAL/GENUÍNO	UNID.	VOX	10	R$ 42,50	R$ 425,00
01	02	FILTRO COMBUSTÍVEL ORIGINAL/GENUÍNO	UNID.	VOX	10	R$ 58,90	R$ 589,00
01	03	FILTRO AR ORIGINAL/GENUÍNO	UNID.	VOX	08	R$ 64,30	R$ 514,40
01	04	FILTRO SEPARADOR DE ÁGUA	UNID.	VOX	06	R$ 71,20	R$ 427,20
01	05	ÓLEO MOTOR 15W40 BALDE 20L	BALDE	LUBRAX	04	R$ 389,00	R$ 1.556,00
RELAÇÃO DOS VEÍCULOS POR LOTE
VEÍCULO	PATRIMÔNIO	RENAVAM	PLACA	ANO	COMBUSTÍVEL
VW/GOL 1.0 FLEX	1520	00987654321	ABC1D23	2019/2020	FLEX
LOTE	ITEM	DESCRITIVO	UNID.	MARCA	QUANT.	VALOR UNIT.	VALOR TOTAL
01	01	FILTRO ÓLEO ORIGINAL/GENUÍNO	UNID.	VOX	10	R$ 42,50	R$ 425,00
01	02	FILTRO COMBUSTÍVEL ORIGINAL/GENUÍNO	UNID.	VOX	10	R$ 58,90	R$ 589,00
01	03	FILTRO AR ORIGINAL/GENUÍNO	UNID.	VOX	08	R$ 64,30	R$ 514,40
01	04	FILTRO SEPARADOR DE ÁGUA	UNID.	VOX	06	R$ 71,20	R$ 427,20
01	05	ÓLEO MOTOR 15W40 BALDE 20L	BALDE	LUBRAX	04	R$ 389,00	R$ 1.556,00
RELAÇÃO DOS VEÍCULOS POR LOTE
VEÍCULO	PATRIMÔNIO	RENAVAM	PLACA	ANO	COMBUSTÍVEL
VW/GOL 1.0 FLEX	1520	00987654321	ABC1D23	2019/2020	FLEX
LOTE	ITEM	DESCRITIVO	UNID.	MARCA	QUANT.	VALOR UNIT.	VALOR TOTAL
01	01	FILTRO ÓLEO ORIGINAL/GENUÍNO	UNID.	VOX	10	R$ 42,50	R$ 425,00
01	02	FILTRO COMBUSTÍVEL ORIGINAL/GENUÍNO	UNID.	VOX	10	R$ 58,90	R$ 589,00
01	03	FILTRO AR ORIGINAL/GENUÍNO	UNID.	VOX	08	R$ 64,30	R$ 514,40
01	04	FILTRO SEPARADOR DE ÁGUA	UNID.	VOX	06	R$ 71,20	R$ 427,20
01	05	ÓLEO MOTOR 15W40 BALDE 20L	BALDE	LUBRAX	04	R$ 389,00	R$ 1.556,00
RELAÇÃO DOS VEÍCULOS POR LOTE
VEÍCULO	PATRIMÔNIO	RENAVAM	PLACA	ANO	COMBUSTÍVEL
VW/GOL 1.0 FLEX	1520	00987654321	ABC1D23	2019/2020	FLEX
LOTE	ITEM	DESCRITIVO	UNID.	MARCA	QUANT.	VALOR UNIT.	VALOR TOTAL
01	01	FILTRO ÓLEO ORIGINAL/GENUÍNO	UNID.	VOX	10	R$ 42,50	R$ 425,00
01	02	FILTRO COMBUSTÍVEL ORIGINAL/GENUÍNO	UNID.	VOX	10	R$ 58,90	R$ 589,00
01	03	FILTRO AR ORIGINAL/GENUÍNO	UNID.	VOX	08	R$ 64,30	R$ 514,40
01	04	FILTRO SEPARADOR DE ÁGUA	UNID.	VOX	06	R$ 71,20	R$ 427,20
01	05	ÓLEO MOTOR 15W40 BALDE 20L	BALDE	LUBRAX	04	R$ 389,00	R$ 1.556,00
RELAÇÃO DOS VEÍCULOS POR LOTE
VEÍCULO	PATRIMÔNIO	RENAVAM	PLACA	ANO	COMBUSTÍVEL
VW/GOL 1.0 FLEX	1520	00987654321	ABC1D23	2019/2020	FLEX
LOTE	ITEM	DESCRITIVO	UNID.	MARCA	QUANT.	VALOR UNIT.	VALOR TOTAL
01	01	FILTRO ÓLEO ORIGINAL/GENUÍNO	UNID.	VOX	10	R$ 42,50	R$ 425,00
01	02	FILTRO COMBUSTÍVEL ORIGINAL/GENUÍNO	UNID.	VOX	10	R$ 58,90	R$ 589,00
01	03	FILTRO AR ORIGINAL/GENUÍNO	UNID.	VOX	08	R$ 64,30	R$ 514,40
01	04	FILTRO SEPARADOR DE ÁGUA	UNID.	VOX	06	R$ 71,20	R$ 427,20
01	05	ÓLEO MOTOR 15W40 BALDE 20L	BALDE	LUBRAX	04	R$ 389,00	R$ 1.556,00
RELAÇÃO DOS VEÍCULOS POR LOTE
VEÍCULO	PATRIMÔNIO	RENAVAM	PLACA	ANO	COMBUSTÍVEL
VW/GOL 1.0 FLEX	1520	00987654321	ABC1D23	2019/2020	FLEX
LOTE	ITEM	DESCRITIVO	UNID.	MARCA	QUANT.	VALOR UNIT.	VALOR TOTAL
01	01	FILTRO ÓLEO ORIGINAL/GENUÍNO	UNID.	VOX	10	R$ 42,50	R$ 425,00
01	02	FILTRO COMBUSTÍVEL ORIGINAL/GENUÍNO	UNID.	VOX	10	R$ 58,90	R$ 589,00
01	03	FILTRO AR ORIGINAL/GENUÍNO	UNID.	VOX	08	R$ 64,30	R$ 514,40
01	04	FILTRO SEPARADOR DE ÁGUA	UNID.	VOX	06	R$ 71,20	R$ 427,20
01	05	ÓLEO MOTOR 15W40 BALDE 20L	BALDE	LUBRAX	04	R$ 389,00	R$ 1.556,00
RELAÇÃO DOS VEÍCULOS POR LOTE
VEÍCULO	PATRIMÔNIO	RENAVAM	PLACA	ANO	COMBUSTÍVEL
VW/GOL 1.0 FLEX	1520	00987654321	ABC1D23	2019/2020	FLEX
LOTE	ITEM	DESCRITIVO	UNID.	MARCA	QUANT.	VALOR UNIT.	VALOR TOTAL
01	01	FILTRO ÓLEO ORIGINAL/GENUÍNO	UNID.	VOX	10	R$ 42,50	R$ 425,00
01	02	FILTRO COMBUSTÍVEL ORIGINAL/GENUÍNO	UNID.	VOX	10	R$ 58,90	R$ 589,00
01	03	FILTRO AR ORIGINAL/GENUÍNO	UNID.	VOX	08	R$ 64,30	R$ 514,40
01	04	FILTRO SEPARADOR DE ÁGUA	UNID.	VOX	06	R$ 71,20	R$ 427,20
01	05	ÓLEO MOTOR 15W40 BALDE 20L	BALDE	LUBRAX	04	R$ 389,00	R$ 1.556,00
RELAÇÃO DOS VEÍCULOS POR LOTE
VEÍCULO	PATRIMÔNIO	RENAVAM	PLACA	ANO	COMBUSTÍVEL
VW/GOL 1.0 FLEX	1520	00987654321	ABC1D23	2019/2020	FLEX

OBJETO: AQUISIÇÃO DE ÓLEOS LUBRIFICANTES, FILTROS E GRAXAS LUBRIFICANTES PARA MANUTENÇÃO DOS VEÍCULOS DA FROTA DO MUNICÍPIO.

SÍLVIO DONIZETE CAPELLA
PREFEITO MUNICIPAL
PREFEITURA DO MUNICÍPIO DE NOVO ITACOLOMI
AV. JOÃO DO PAULO, 1510 - CEP 86.895-000 - NOVO ITACOLOMI - PARANÁ
EXTRATO DA ATA DE REGISTRO DE PREÇOS

6.1 – A Contratante obriga-se a efetuar o pagamento do preço ajustado, dentro do prazo estabelecido neste contrato, após o recebimento definitivo do objeto e apresentação da nota fiscal devidamente atestada pelo setor competente.

OBJETO: AQUISIÇÃO DE ÓLEOS LUBRIFICANTES, FILTROS E GRAXAS LUBRIFICANTES PARA MANUTENÇÃO DOS VEÍCULOS DA FROTA DO MUNICÍPIO.

NOVO ITACOLOMI, 06 DE NOVEMBRO DE 2023.

LOTE	ITEM	DESCRITIVO	UNID.	MARCA	QUANT.	VALOR UNIT.	VALOR TOTAL
01	01	FILTRO ÓLEO ORIGINAL/GENUÍNO	UNID.	VOX	10	R$ 42,50	R$ 425,00
01	02	FILTRO COMBUSTÍVEL ORIGINAL/GENUÍNO	UNID.	VOX	10	R$ 58,90	R$ 589,00
01	03	FILTRO AR ORIGINAL/GENUÍNO	UNID.	VOX	08	R$ 64,30	R$ 514,40
01	04	FILTRO SEPARADOR DE ÁGUA	UNID.	VOX	06	R$ 71,20	R$ 427,20
01	05	ÓLEO MOTOR 15W40 BALDE 20L	BALDE	LUBRAX	04	R$ 389,00	R$ 1.556,00
RELAÇÃO DOS VEÍCULOS POR LOTE
VEÍCULO	PATRIMÔNIO	RENAVAM	PLACA	ANO	COMBUSTÍVEL
VW/GOL 1.0 FLEX	1520	00987654321	ABC1D23	2019/2020	FLEX
LOTE	ITEM	DESCRITIVO	UNID.	MARCA	QUANT.	VALOR UNIT.	VALOR TOTAL
01	01	FILTRO ÓLEO ORIGINAL/GENUÍNO	UNID.	VOX	10	R$ 42,50	R$ 425,00
01	02	FILTRO COMBUSTÍVEL ORIGINAL/GENUÍNO	UNID.	VOX	10	R$ 58,90	R$ 589,00
01	03	FILTRO AR ORIGINAL/GENUÍNO	UNID.	VOX	08	R$ 64,30	R$ 514,40
01	04	FILTRO SEPARADOR DE ÁGUA	UNID.	VOX	06	R$ 71,20	R$ 427,20
01	05	ÓLEO MOTOR 15W40 BALDE 20L	BALDE	LUBRAX	04	R$ 389,00	R$ 1.556,00
RELAÇÃO DOS VEÍCULOS POR LOTE
VEÍCULO	PATRIMÔNIO	RENAVAM	PLACA	ANO	COMBUSTÍVEL
VW/GOL 1.0 FLEX	1520	00987654321	ABC1D23	2019/2020	FLEX
LOTE	ITEM	DESCRITIVO	UNID.	MARCA	QUANT.	VALOR UNIT.	VALOR TOTAL
01	01	FILTRO ÓLEO ORIGINAL/GENUÍNO	UNID.	VOX	10	R$ 42,50	R$ 425,00
01	02	FILTRO COMBUSTÍVEL ORIGINAL/GENUÍNO	UNID.	VOX	10	R$ 58,90	R$ 589,00
01	03	FILTRO AR ORIGINAL/GENUÍNO	UNID.	VOX	08	R$ 64,30	R$ 514,40
01	04	FILTRO SEPARADOR DE ÁGUA	UNID.	VOX	06	R$ 71,20	R$ 427,20
01	05	ÓLEO MOTOR 15W40 BALDE 20L	BALDE	LUBRAX	04	R$ 389,00	R$ 1.556,00
RELAÇÃO DOS VEÍCULOS POR LOTE
VEÍCULO	PATRIMÔNIO	RENAVAM	PLACA	ANO	COMBUSTÍVEL
VW/GOL 1.0 FLEX	1520	00987654321	ABC1D23	2019/2020	FLEX
LOTE	ITEM	DESCRITIVO	UNID.	MARCA	QUANT.	VALOR UNIT.	VALOR TOTAL
01	01	FILTRO ÓLEO ORIGINAL/GENUÍNO	UNID.	VOX	10	R$ 42,50	R$ 425,00
01	02	FILTRO COMBUSTÍVEL ORIGINAL/GENUÍNO	UNID.	VOX	10	R$ 58,90	R$ 589,00
01	03	FILTRO AR ORIGINAL/GENUÍNO	UNID.	VOX	08	R$ 64,30	R$ 514,40
01	04	FILTRO SEPARADOR DE ÁGUA	UNID.	VOX	06	R$ 71,20	R$ 427,20
01	05	ÓLEO MOTOR 15W40 BALDE 20L	BALDE	LUBRAX	04	R$ 389,00	R$ 1.556,00
RELAÇÃO DOS VEÍCULOS POR LOTE
VEÍCULO	PATRIMÔNIO	RENAVAM	PLACA	ANO	COMBUSTÍVEL
VW/GOL 1.0 FLEX	1520	00987654321	ABC1D23	2019/2020	FLEX
LOTE	ITEM	DESCRITIVO	UNID.	MARCA	QUANT.	VALOR UNIT.	VALOR TOTAL
01	01	FILTRO ÓLEO ORIGINAL/GENUÍNO	UNID.	VOX	10	R$ 42,50	R$ 425,00
01	02	FILTRO COMBUSTÍVEL ORIGINAL/GENUÍNO	UNID.	VOX	10	R$ 58,90	R$ 589,00
01	03	FILTRO AR ORIGINAL/GENUÍNO	UNID.	VOX	08	R$ 64,30	R$ 514,40
01	04	FILTRO SEPARADOR DE ÁGUA	UNID.	VOX	06	R$ 71,20	R$ 427,20
01	05	ÓLEO MOTOR 15W40 BALDE 20L	BALDE	LUBRAX	04	R$ 389,00	R$ 1.556,00
RELAÇÃO DOS VEÍCULOS POR LOTE
VEÍCULO	PATRIMÔNIO	RENAVAM	PLACA	ANO	COMBUSTÍVEL
VW/GOL 1.0 FLEX	1520	00987654321	ABC1D23	2019/2020	FLEX
LOTE	ITEM	DESCRITIVO	UNID.	MARCA	QUANT.	VALOR UNIT.	VALOR TOTAL
01	01	FILTRO ÓLEO ORIGINAL/GENUÍNO	UNID.	VOX	10	R$ 42,50	R$ 425,00
01	02	FILTRO COMBUSTÍVEL ORIGINAL/GENUÍNO	UNID.	VOX	10	R$ 58,90	R$ 589,00
01	03	FILTRO AR ORIGINAL/GENUÍNO	UNID.	VOX	08	R$ 64,30	R$ 514,40
01	04	FILTRO SEPARADOR DE ÁGUA	UNID.	VOX	06	R$ 71,20	R$ 427,20
01	05	ÓLEO MOTOR 15W40 BALDE 20L	BALDE	LUBRAX	04	R$ 389,00	R$ 1.556,00
RELAÇÃO DOS VEÍCULOS POR LOTE
VEÍCULO	PATRIMÔNIO	RENAVAM	PLACA	ANO	COMBUSTÍVEL
VW/GOL 1.0 FLEX	1520	00987654321	ABC1D23	2019/2020	FLEX
LOTE	ITEM	DESCRITIVO	UNID.	MARCA	QUANT.	VALOR UNIT.	VALOR TOTAL
01	01	FILTRO ÓLEO ORIGINAL/GENUÍNO	UNID.	VOX	10	R$ 42,50	R$ 425,00
01	02	FILTRO COMBUSTÍVEL ORIGINAL/GENUÍNO	UNID.	VOX	10	R$ 58,90	R$ 589,00
01	03	FILTRO AR ORIGINAL/GENUÍNO	UNID.	VOX	08	R$ 64,30	R$ 514,40
01	04	FILTRO SEPARADOR DE ÁGUA	UNID.	VOX	06	R$ 71,20	R$ 427,20
01	05	ÓLEO MOTOR 15W40 BALDE 20L	BALDE	LUBRAX	04	R$ 389,00	R$ 1.556,00
RELAÇÃO DOS VEÍCULOS POR LOTE
VEÍCULO	PATRIMÔNIO	RENAVAM	PLACA	ANO	COMBUSTÍVEL
VW/GOL 1.0 FLEX	1520	00987654321	ABC1D23	2019/2020	FLEX
LOTE	ITEM	DESCRITIVO	UNID.	MARCA	QUANT.	VALOR UNIT.	VALOR TOTAL
01	01	FILTRO ÓLEO ORIGINAL/GENUÍNO	UNID.	VOX	10	R$ 42,50	R$ 425,00
01	02	FILTRO COMBUSTÍVEL ORIGINAL/GENUÍNO	UNID.	VOX	10	R$ 58,90	R$ 589,00
01	03	FILTRO AR ORIGINAL/GENUÍNO	UNID.	VOX	08	R$ 64,30	R$ 514,40
01	04	FILTRO SEPARADOR DE ÁGUA	UNID.	VOX	06	R$ 71,20	R$ 427,20
01	05	ÓLEO MOTOR 15W40 BALDE 20L	BALDE	LUBRAX	04	R$ 389,00	R$ 1.556,00
RELAÇÃO DOS VEÍCULOS POR LOTE
VEÍCULO	PATRIMÔNIO	RENAVAM	PLACA	ANO	COMBUSTÍVEL
VW/GOL 1.0 FLEX	1520	00987654321	ABC1D23	2019/2020	FLEX
LOTE	ITEM	DESCRITIVO	UNID.	MARCA	QUANT.	VALOR UNIT.	VALOR TOTAL
01	01	FILTRO ÓLEO ORIGINAL/GENUÍNO	UNID.	VOX	10	R$ 42,50	R$ 425,00
01	02	FILTRO COMBUSTÍVEL ORIGINAL/GENUÍNO	UNID.	VOX	10	R$ 58,90	R$ 589,00
01	03	FILTRO AR ORIGINAL/GENUÍNO	UNID.	VOX	08	R$ 64,30	R$ 514,40
01	04	FILTRO SEPARADOR DE ÁGUA	UNID.	VOX	06	R$ 71,20	R$ 427,20
01	05	ÓLEO MOTOR 15W40 BALDE 20L	BALDE	LUBRAX	04	R$ 389,00	R$ 1.556,00
RELAÇÃO DOS VEÍCULOS POR LOTE
VEÍCULO	PATRIMÔNIO	RENAVAM	PLACA	ANO	COMBUSTÍVEL
VW/GOL 1.0 FLEX	1520	00987654321	ABC1D23	2019/2020	FLEX
LOTE	ITEM	DESCRITIVO	UNID.	MARCA	QUANT.	VALOR UNIT.	VALOR TOTAL
01	01	FILTRO ÓLEO ORIGINAL/GENUÍNO	UNID.	VOX	10	R$ 42,50	R$ 425,00
01	02	FILTRO COMBUSTÍVEL ORIGINAL/GENUÍNO	UNID.	VOX	10	R$ 58,90	R$ 589,00
01	03	FILTRO AR ORIGINAL/GENUÍNO	UNID.	VOX	08	R$ 64,30	R$ 514,40
01	04	FILTRO SEPARADOR DE ÁGUA	UNID.	VOX	06	R$ 71,20	R$ 427,20
01	05	ÓLEO MOTOR 15W40 BALDE 20L	BALDE	LUBRAX	04	R$ 389,00	R$ 1.556,00
RELAÇÃO DOS VEÍCULOS POR LOTE
VEÍCULO	PATRIMÔNIO	RENAVAM	PLACA	ANO	COMBUSTÍVEL
VW/GOL 1.0 FLEX	1520	00987654321	ABC1D23	2019/2020	FLEX
LOTE	ITEM	DESCRITIVO	UNID.	MARCA	QUANT.	VALOR UNIT.	VALOR TOTAL
01	01	FILTRO ÓLEO ORIGINAL/GENUÍNO	UNID.	VOX	10	R$ 42,50	R$ 425,00
01	02	FILTRO COMBUSTÍVEL ORIGINAL/GENUÍNO	UNID.	VOX	10	R$ 58,90	R$ 589,00
01	03	FILTRO AR ORIGINAL/GENUÍNO	UNID.	VOX	08	R$ 64,30	R$ 514,40
01	04	FILTRO SEPARADOR DE ÁGUA	UNID.	VOX	06	R$ 71,20	R$ 427,20
01	05	ÓLEO MOTOR 15W40 BALDE 20L	BALDE	LUBRAX	04	R$ 389,00	R$ 1.556,00
RELAÇÃO DOS VEÍCULOS POR LOTE
VEÍCULO	PATRIMÔNIO	RENAVAM	PLACA	ANO	COMBUSTÍVEL
VW/GOL 1.0 FLEX	1520	00987654321	ABC1D23	2019/2020	FLEX
LOTE	ITEM	DESCRITIVO	UNID.	MARCA	QUANT.	VALOR UNIT.	VALOR TOTAL
01	01	FILTRO ÓLEO ORIGINAL/GENUÍNO	UNID.	VOX	10	R$ 42,50	R$ 425,00
01	02	FILTRO COMBUSTÍVEL ORIGINAL/GENUÍNO	UNID.	VOX	10	R$ 58,90	R$ 589,00
01	03	FILTRO AR ORIGINAL/GENUÍNO	UNID.	VOX	08	R$ 64,30	R$ 514,40
01	04	FILTRO SEPARADOR DE ÁGUA	UNID.	VOX	06	R$ 71,20	R$ 427,20
01	05	ÓLEO MOTOR 15W40 BALDE 20L	BALDE	LUBRAX	04	R$ 389,00	R$ 1.556,00
RELAÇÃO DOS VEÍCULOS POR LOTE
VEÍCULO	PATRIMÔNIO	RENAVAM	PLACA	ANO	COMBUSTÍVEL
VW/GOL 1.0 FLEX	1520	00987654321	ABC1D23	2019/2020	FLEX
